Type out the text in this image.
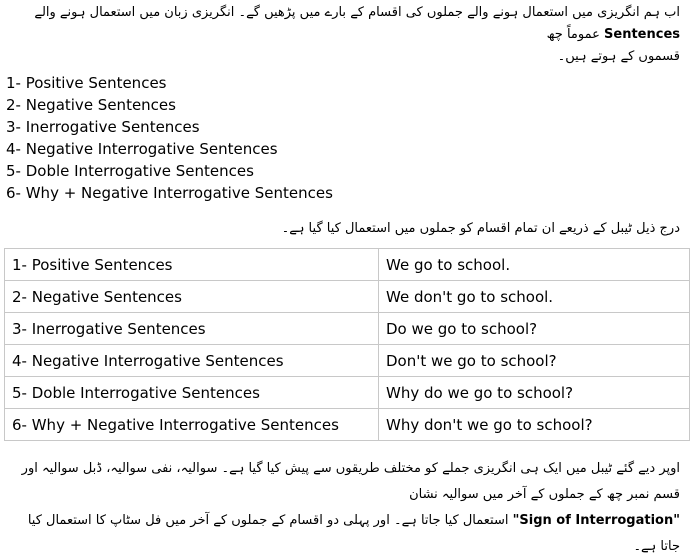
اب ہم انگریزی میں استعمال ہونے والے جملوں کی اقسام کے بارے میں پڑھیں گے۔ انگریزی زبان میں استعمال ہونے والے Sentences عموماً چھ
قسموں کے ہوتے ہیں۔
1- Positive Sentences
2- Negative Sentences
3- Inerrogative Sentences
4- Negative Interrogative Sentences
5- Doble Interrogative Sentences
6- Why + Negative Interrogative Sentences
درج ذیل ٹیبل کے ذریعے ان تمام اقسام کو جملوں میں استعمال کیا گیا ہے۔
1- Positive Sentences	We go to school.
2- Negative Sentences	We don't go to school.
3- Inerrogative Sentences	Do we go to school?
4- Negative Interrogative Sentences	Don't we go to school?
5- Doble Interrogative Sentences	Why do we go to school?
6- Why + Negative Interrogative Sentences	Why don't we go to school?
اوپر دیے گئے ٹیبل میں ایک ہی انگریزی جملے کو مختلف طریقوں سے پیش کیا گیا ہے۔ سوالیہ، نفی سوالیہ، ڈبل سوالیہ اور قسم نمبر چھ کے جملوں کے آخر میں سوالیہ نشان
"Sign of Interrogation" استعمال کیا جاتا ہے۔ اور پہلی دو اقسام کے جملوں کے آخر میں فل سٹاپ کا استعمال کیا جاتا ہے۔
